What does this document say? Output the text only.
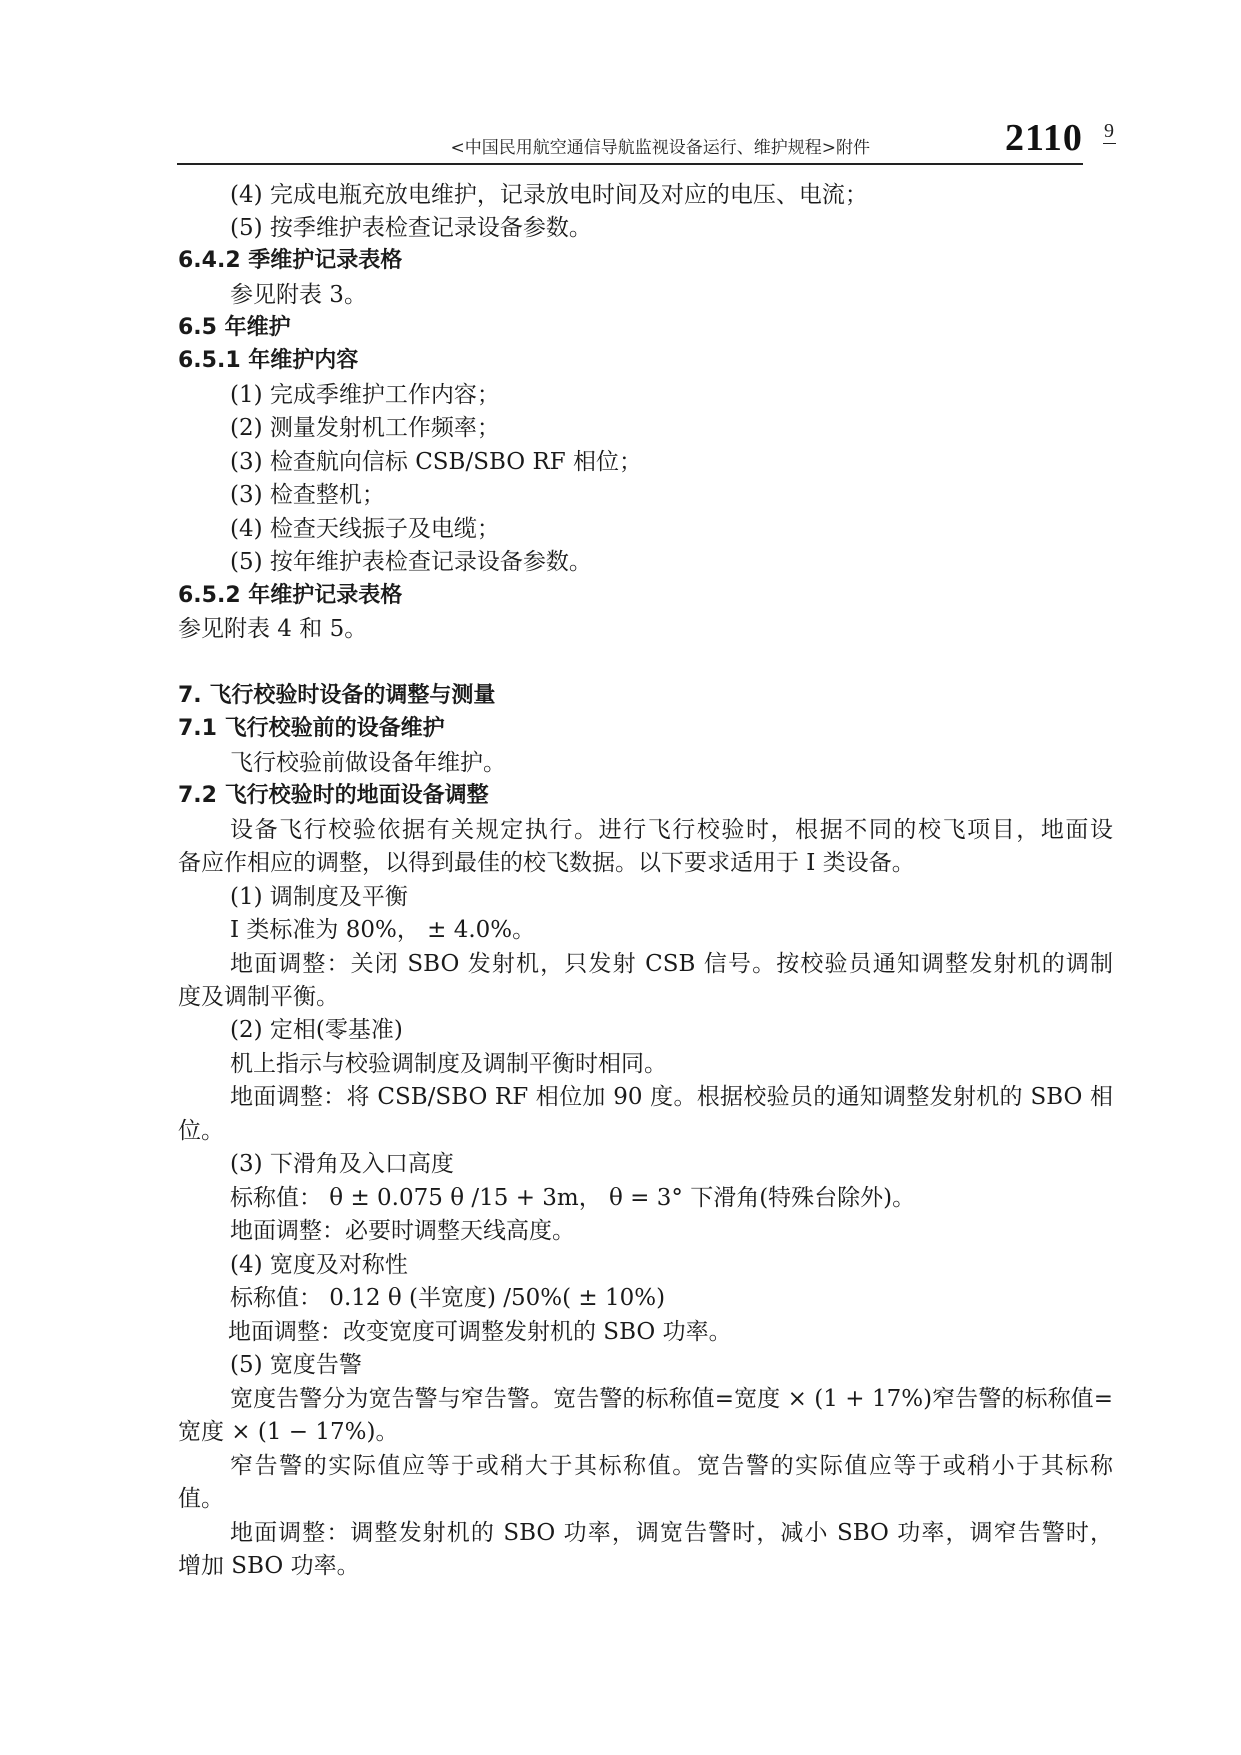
<中国民用航空通信导航监视设备运行、维护规程>附件	2110 9
(4) 完成电瓶充放电维护，记录放电时间及对应的电压、电流；
(5) 按季维护表检查记录设备参数。
6.4.2 季维护记录表格
参见附表 3。
6.5 年维护
6.5.1 年维护内容
(1) 完成季维护工作内容；
(2) 测量发射机工作频率；
(3) 检查航向信标 CSB/SBO RF 相位；
(3) 检查整机；
(4) 检查天线振子及电缆；
(5) 按年维护表检查记录设备参数。
6.5.2 年维护记录表格
参见附表 4 和 5。
7. 飞行校验时设备的调整与测量
7.1 飞行校验前的设备维护
飞行校验前做设备年维护。
7.2 飞行校验时的地面设备调整
设备飞行校验依据有关规定执行。进行飞行校验时，根据不同的校飞项目，地面设
备应作相应的调整，以得到最佳的校飞数据。以下要求适用于 I 类设备。
(1) 调制度及平衡
I 类标准为 80%， ± 4.0%。
地面调整：关闭 SBO 发射机，只发射 CSB 信号。按校验员通知调整发射机的调制
度及调制平衡。
(2) 定相(零基准)
机上指示与校验调制度及调制平衡时相同。
地面调整：将 CSB/SBO RF 相位加 90 度。根据校验员的通知调整发射机的 SBO 相
位。
(3) 下滑角及入口高度
标称值： θ ± 0.075 θ /15 + 3m， θ = 3° 下滑角(特殊台除外)。
地面调整：必要时调整天线高度。
(4) 宽度及对称性
标称值： 0.12 θ (半宽度) /50%( ± 10%)
地面调整：改变宽度可调整发射机的 SBO 功率。
(5) 宽度告警
宽度告警分为宽告警与窄告警。宽告警的标称值=宽度 × (1 + 17%)窄告警的标称值=
宽度 × (1 − 17%)。
窄告警的实际值应等于或稍大于其标称值。宽告警的实际值应等于或稍小于其标称
值。
地面调整：调整发射机的 SBO 功率，调宽告警时，减小 SBO 功率，调窄告警时，
增加 SBO 功率。
